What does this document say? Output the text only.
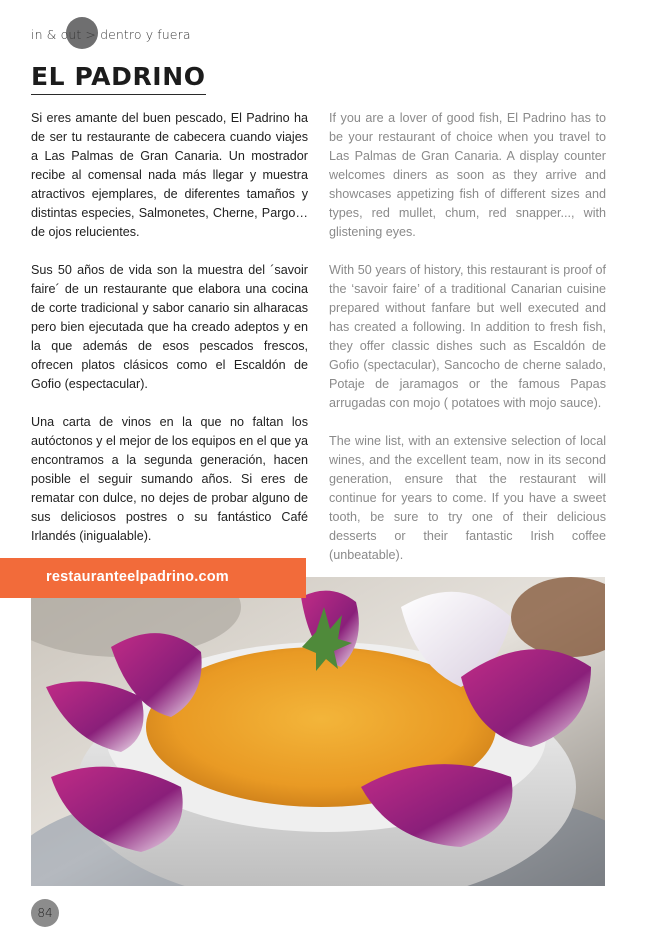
in & out > dentro y fuera
EL PADRINO

Si eres amante del buen pescado, El Padrino ha de ser tu restaurante de cabecera cuando viajes a Las Palmas de Gran Canaria. Un mostrador recibe al comensal nada más llegar y muestra atractivos ejemplares, de diferentes tamaños y distintas especies, Salmonetes, Cherne, Pargo… de ojos relucientes.

Sus 50 años de vida son la muestra del ´savoir faire´ de un restaurante que elabora una cocina de corte tradicional y sabor canario sin alharacas pero bien ejecutada que ha creado adeptos y en la que además de esos pescados frescos, ofrecen platos clásicos como el Escaldón de Gofio (espectacular).

Una carta de vinos en la que no faltan los autóctonos y el mejor de los equipos en el que ya encontramos a la segunda generación, hacen posible el seguir sumando años. Si eres de rematar con dulce, no dejes de probar alguno de sus deliciosos postres o su fantástico Café Irlandés (inigualable).

If you are a lover of good fish, El Padrino has to be your restaurant of choice when you travel to Las Palmas de Gran Canaria. A display counter welcomes diners as soon as they arrive and showcases appetizing fish of different sizes and types, red mullet, chum, red snapper..., with glistening eyes.

With 50 years of history, this restaurant is proof of the ‘savoir faire’ of a traditional Canarian cuisine prepared without fanfare but well executed and has created a following. In addition to fresh fish, they offer classic dishes such as Escaldón de Gofio (spectacular), Sancocho de cherne salado, Potaje de jaramagos or the famous Papas arrugadas con mojo ( potatoes with mojo sauce).

The wine list, with an extensive selection of local wines, and the excellent team, now in its second generation, ensure that the restaurant will continue for years to come. If you have a sweet tooth, be sure to try one of their delicious desserts or their fantastic Irish coffee (unbeatable).

restauranteelpadrino.com
84
